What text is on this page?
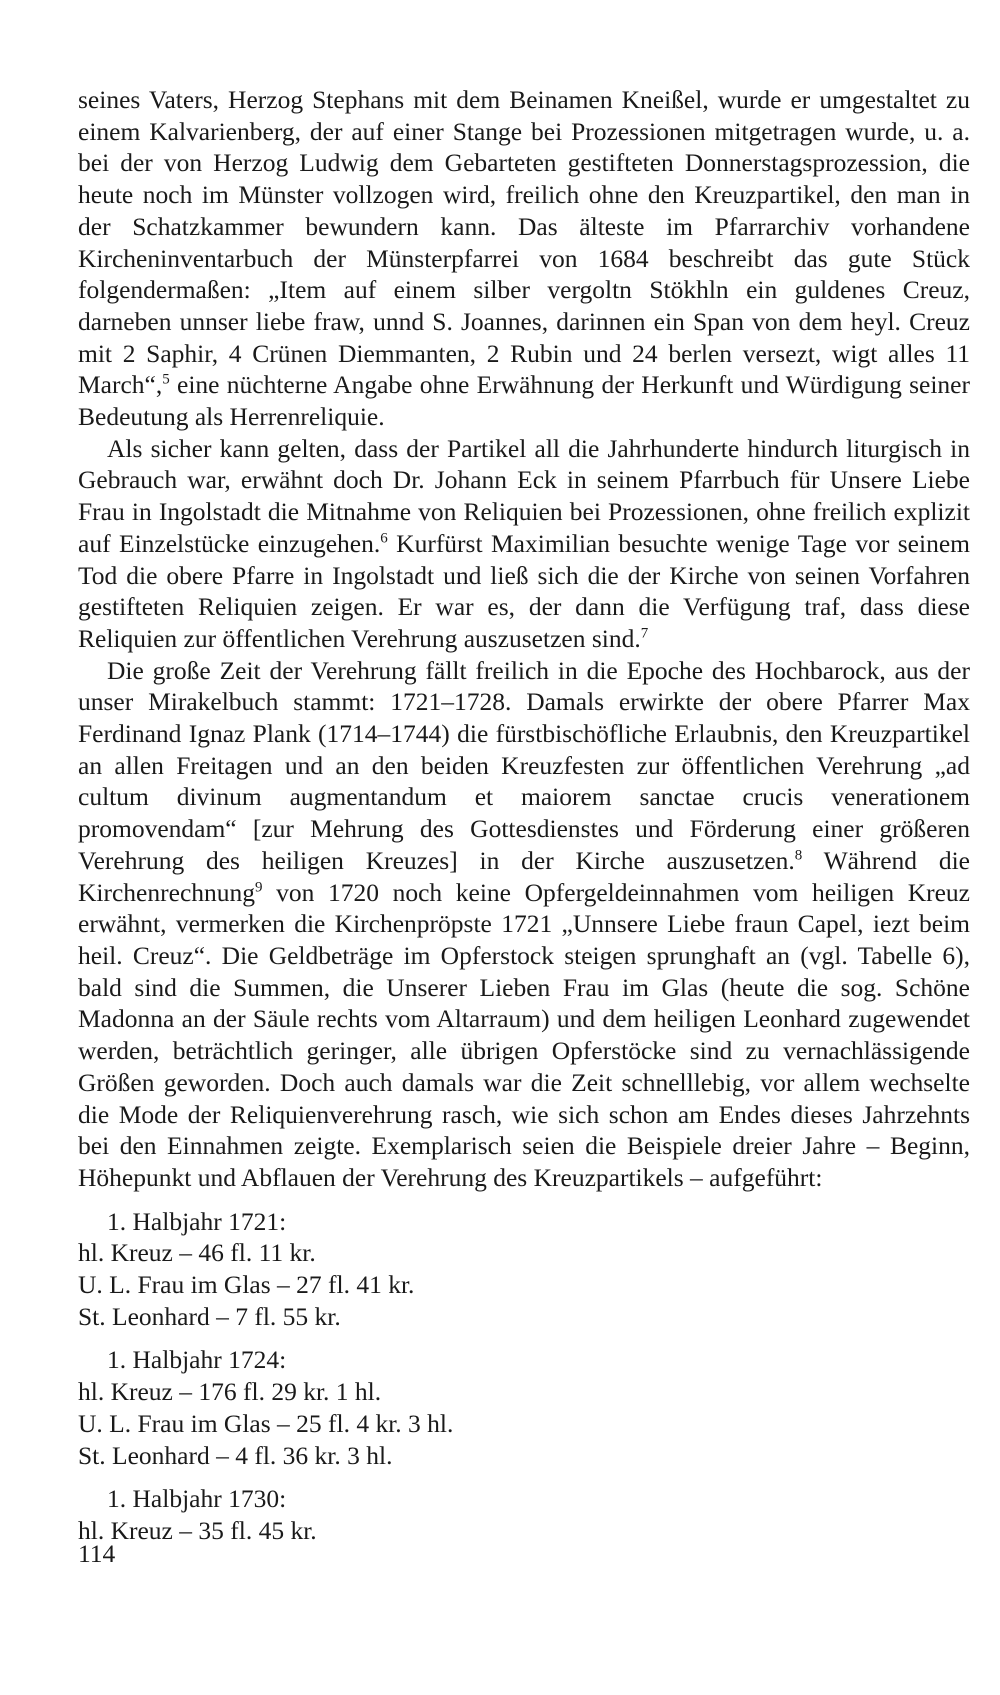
seines Vaters, Herzog Stephans mit dem Beinamen Kneißel, wurde er umgestaltet zu einem Kalvarienberg, der auf einer Stange bei Prozessionen mitgetragen wurde, u. a. bei der von Herzog Ludwig dem Gebarteten gestifteten Donnerstagsprozession, die heute noch im Münster vollzogen wird, freilich ohne den Kreuzpartikel, den man in der Schatzkammer bewundern kann. Das älteste im Pfarrarchiv vorhandene Kircheninventarbuch der Münsterpfarrei von 1684 beschreibt das gute Stück folgendermaßen: „Item auf einem silber vergoltn Stökhln ein guldenes Creuz, darneben unnser liebe fraw, unnd S. Joannes, darinnen ein Span von dem heyl. Creuz mit 2 Saphir, 4 Crünen Diemmanten, 2 Rubin und 24 berlen versezt, wigt alles 11 March“,$^5$ eine nüchterne Angabe ohne Erwähnung der Herkunft und Würdigung seiner Bedeutung als Herrenreliquie.

Als sicher kann gelten, dass der Partikel all die Jahrhunderte hindurch liturgisch in Gebrauch war, erwähnt doch Dr. Johann Eck in seinem Pfarrbuch für Unsere Liebe Frau in Ingolstadt die Mitnahme von Reliquien bei Prozessionen, ohne freilich explizit auf Einzelstücke einzugehen.$^6$ Kurfürst Maximilian besuchte wenige Tage vor seinem Tod die obere Pfarre in Ingolstadt und ließ sich die der Kirche von seinen Vorfahren gestifteten Reliquien zeigen. Er war es, der dann die Verfügung traf, dass diese Reliquien zur öffentlichen Verehrung auszusetzen sind.$^7$

Die große Zeit der Verehrung fällt freilich in die Epoche des Hochbarock, aus der unser Mirakelbuch stammt: 1721–1728. Damals erwirkte der obere Pfarrer Max Ferdinand Ignaz Plank (1714–1744) die fürstbischöfliche Erlaubnis, den Kreuzpartikel an allen Freitagen und an den beiden Kreuzfesten zur öffentlichen Verehrung „ad cultum divinum augmentandum et maiorem sanctae crucis venerationem promovendam“ [zur Mehrung des Gottesdienstes und Förderung einer größeren Verehrung des heiligen Kreuzes] in der Kirche auszusetzen.$^8$ Während die Kirchenrechnung$^9$ von 1720 noch keine Opfergeldeinnahmen vom heiligen Kreuz erwähnt, vermerken die Kirchenpröpste 1721 „Unnsere Liebe fraun Capel, iezt beim heil. Creuz“. Die Geldbeträge im Opferstock steigen sprunghaft an (vgl. Tabelle 6), bald sind die Summen, die Unserer Lieben Frau im Glas (heute die sog. Schöne Madonna an der Säule rechts vom Altarraum) und dem heiligen Leonhard zugewendet werden, beträchtlich geringer, alle übrigen Opferstöcke sind zu vernachlässigende Größen geworden. Doch auch damals war die Zeit schnelllebig, vor allem wechselte die Mode der Reliquienverehrung rasch, wie sich schon am Endes dieses Jahrzehnts bei den Einnahmen zeigte. Exemplarisch seien die Beispiele dreier Jahre – Beginn, Höhepunkt und Abflauen der Verehrung des Kreuzpartikels – aufgeführt:

1. Halbjahr 1721:
hl. Kreuz – 46 fl. 11 kr.
U. L. Frau im Glas – 27 fl. 41 kr.
St. Leonhard – 7 fl. 55 kr.
1. Halbjahr 1724:
hl. Kreuz – 176 fl. 29 kr. 1 hl.
U. L. Frau im Glas – 25 fl. 4 kr. 3 hl.
St. Leonhard – 4 fl. 36 kr. 3 hl.
1. Halbjahr 1730:
hl. Kreuz – 35 fl. 45 kr.
114
